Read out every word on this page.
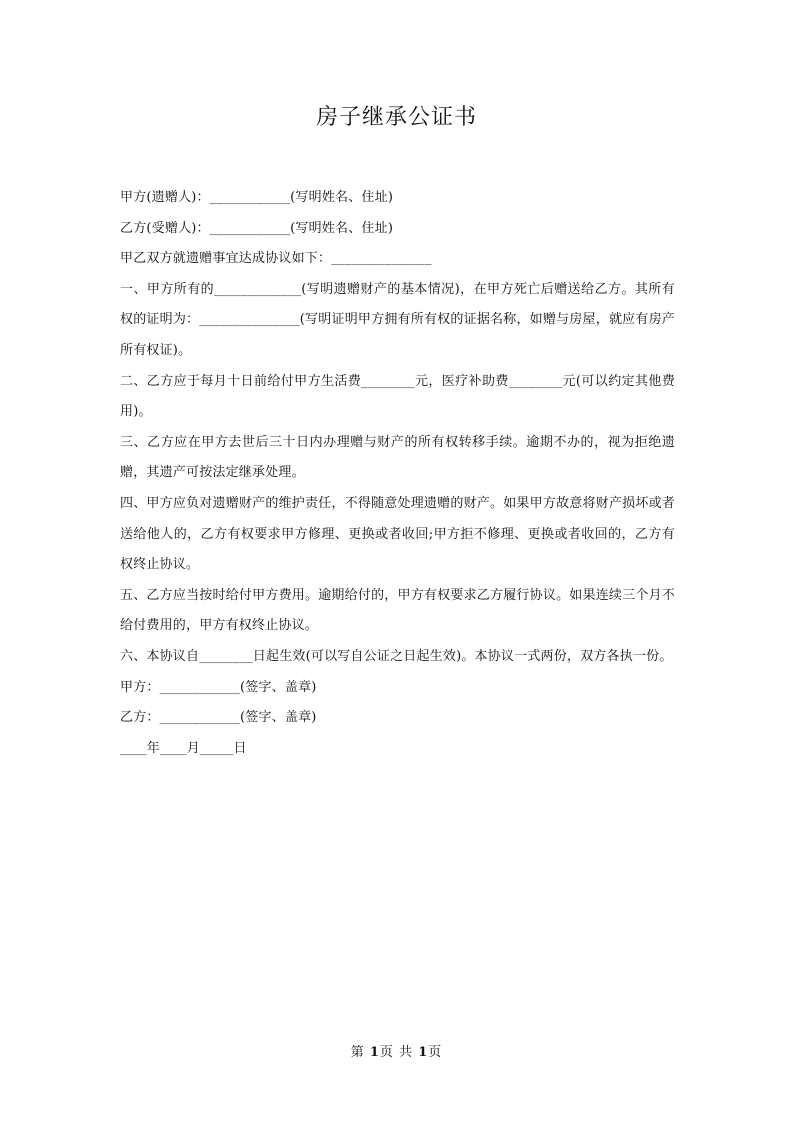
房子继承公证书

甲方(遗赠人)：____________(写明姓名、住址)

乙方(受赠人)：____________(写明姓名、住址)

甲乙双方就遗赠事宜达成协议如下：_______________

一、甲方所有的_____________(写明遗赠财产的基本情况)，在甲方死亡后赠送给乙方。其所有权的证明为：_______________(写明证明甲方拥有所有权的证据名称，如赠与房屋，就应有房产所有权证)。

二、乙方应于每月十日前给付甲方生活费________元，医疗补助费________元(可以约定其他费用)。

三、乙方应在甲方去世后三十日内办理赠与财产的所有权转移手续。逾期不办的，视为拒绝遗赠，其遗产可按法定继承处理。

四、甲方应负对遗赠财产的维护责任，不得随意处理遗赠的财产。如果甲方故意将财产损坏或者送给他人的，乙方有权要求甲方修理、更换或者收回;甲方拒不修理、更换或者收回的，乙方有权终止协议。

五、乙方应当按时给付甲方费用。逾期给付的，甲方有权要求乙方履行协议。如果连续三个月不给付费用的，甲方有权终止协议。

六、本协议自________日起生效(可以写自公证之日起生效)。本协议一式两份，双方各执一份。

甲方：____________(签字、盖章)

乙方：____________(签字、盖章)

____年____月_____日

第 1页 共 1页
